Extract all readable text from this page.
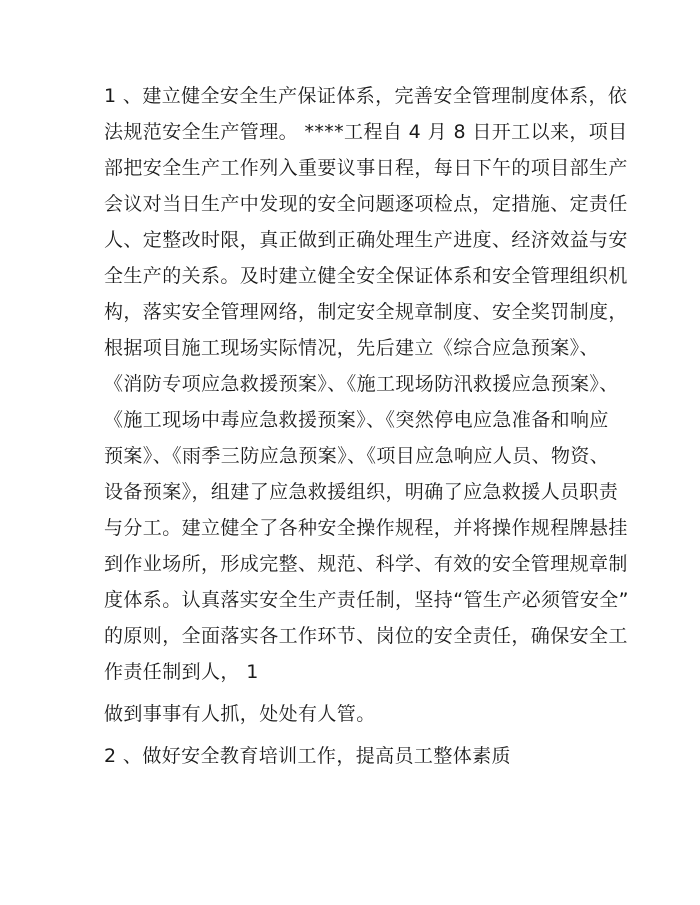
1 、建立健全安全生产保证体系，完善安全管理制度体系，依
法规范安全生产管理。 ****工程自 4 月 8 日开工以来，项目
部把安全生产工作列入重要议事日程，每日下午的项目部生产
会议对当日生产中发现的安全问题逐项检点，定措施、定责任
人、定整改时限，真正做到正确处理生产进度、经济效益与安
全生产的关系。及时建立健全安全保证体系和安全管理组织机
构，落实安全管理网络，制定安全规章制度、安全奖罚制度，
根据项目施工现场实际情况，先后建立《综合应急预案》、
《消防专项应急救援预案》、《施工现场防汛救援应急预案》、
《施工现场中毒应急救援预案》、《突然停电应急准备和响应
预案》、《雨季三防应急预案》、《项目应急响应人员、物资、
设备预案》，组建了应急救援组织，明确了应急救援人员职责
与分工。建立健全了各种安全操作规程，并将操作规程牌悬挂
到作业场所，形成完整、规范、科学、有效的安全管理规章制
度体系。认真落实安全生产责任制，坚持“管生产必须管安全”
的原则，全面落实各工作环节、岗位的安全责任，确保安全工
作责任制到人， 1
做到事事有人抓，处处有人管。
2 、做好安全教育培训工作，提高员工整体素质
